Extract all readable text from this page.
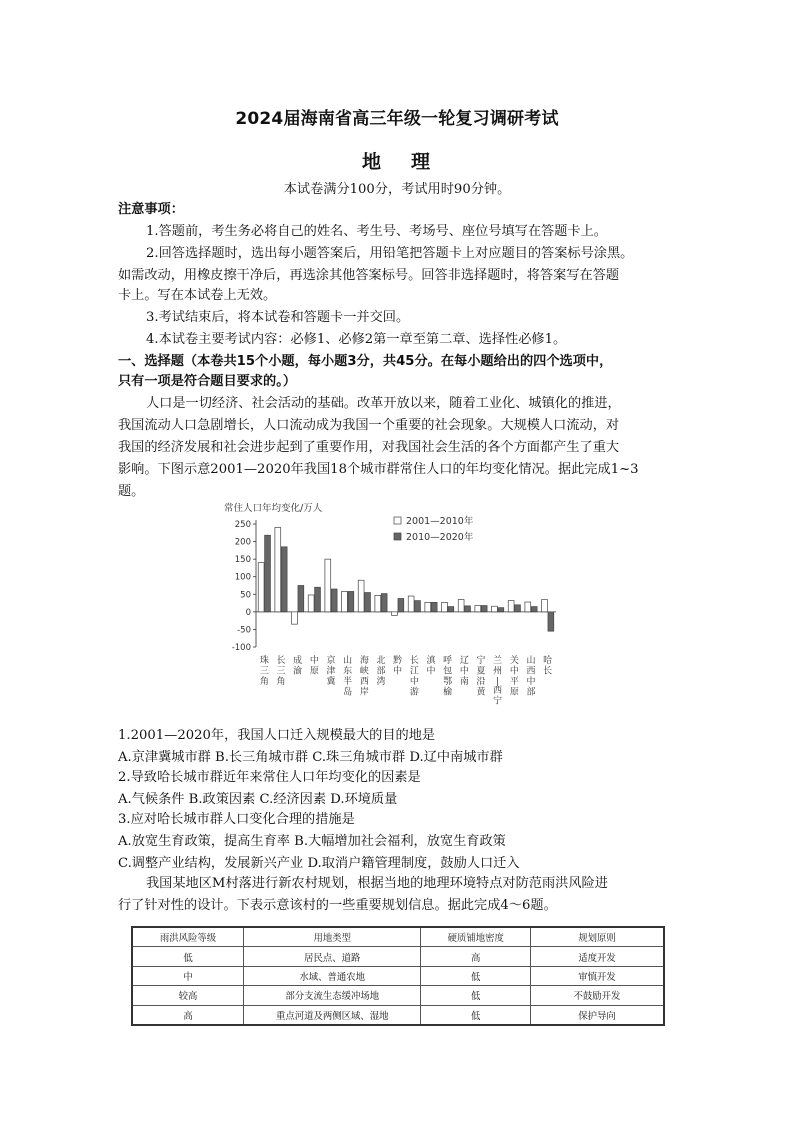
2024届海南省高三年级一轮复习调研考试
地 理
本试卷满分100分，考试用时90分钟。
注意事项：
1.答题前，考生务必将自己的姓名、考生号、考场号、座位号填写在答题卡上。
2.回答选择题时，选出每小题答案后，用铅笔把答题卡上对应题目的答案标号涂黑。
如需改动，用橡皮擦干净后，再选涂其他答案标号。回答非选择题时，将答案写在答题
卡上。写在本试卷上无效。
3.考试结束后，将本试卷和答题卡一并交回。
4.本试卷主要考试内容：必修1、必修2第一章至第二章、选择性必修1。
一、选择题（本卷共15个小题，每小题3分，共45分。在每小题给出的四个选项中，
只有一项是符合题目要求的。）
人口是一切经济、社会活动的基础。改革开放以来，随着工业化、城镇化的推进，
我国流动人口急剧增长，人口流动成为我国一个重要的社会现象。大规模人口流动，对
我国的经济发展和社会进步起到了重要作用，对我国社会生活的各个方面都产生了重大
影响。下图示意2001—2020年我国18个城市群常住人口的年均变化情况。据此完成1~3
题。
常住人口年均变化/万人
250
200
150
100
50
0
-50
-100
珠
三
角
长
三
角
成
渝
中
原
京
津
冀
山
东
半
岛
海
峡
西
岸
北
部
湾
黔
中
长
江
中
游
滇
中
呼
包
鄂
榆
辽
中
南
宁
夏
沿
黄
兰
州
|
西
宁
关
中
平
原
山
西
中
部
哈
长
2001—2010年
2010—2020年
1.2001—2020年，我国人口迁入规模最大的目的地是
A.京津冀城市群 B.长三角城市群 C.珠三角城市群 D.辽中南城市群
2.导致哈长城市群近年来常住人口年均变化的因素是
A.气候条件 B.政策因素 C.经济因素 D.环境质量
3.应对哈长城市群人口变化合理的措施是
A.放宽生育政策，提高生育率 B.大幅增加社会福利，放宽生育政策
C.调整产业结构，发展新兴产业 D.取消户籍管理制度，鼓励人口迁入
我国某地区M村落进行新农村规划，根据当地的地理环境特点对防范雨洪风险进
行了针对性的设计。下表示意该村的一些重要规划信息。据此完成4～6题。
雨洪风险等级	用地类型	硬质铺地密度	规划原则
低	居民点、道路	高	适度开发
中	水域、普通农地	低	审慎开发
较高	部分支流生态缓冲场地	低	不鼓励开发
高	重点河道及两侧区域、湿地	低	保护导向
